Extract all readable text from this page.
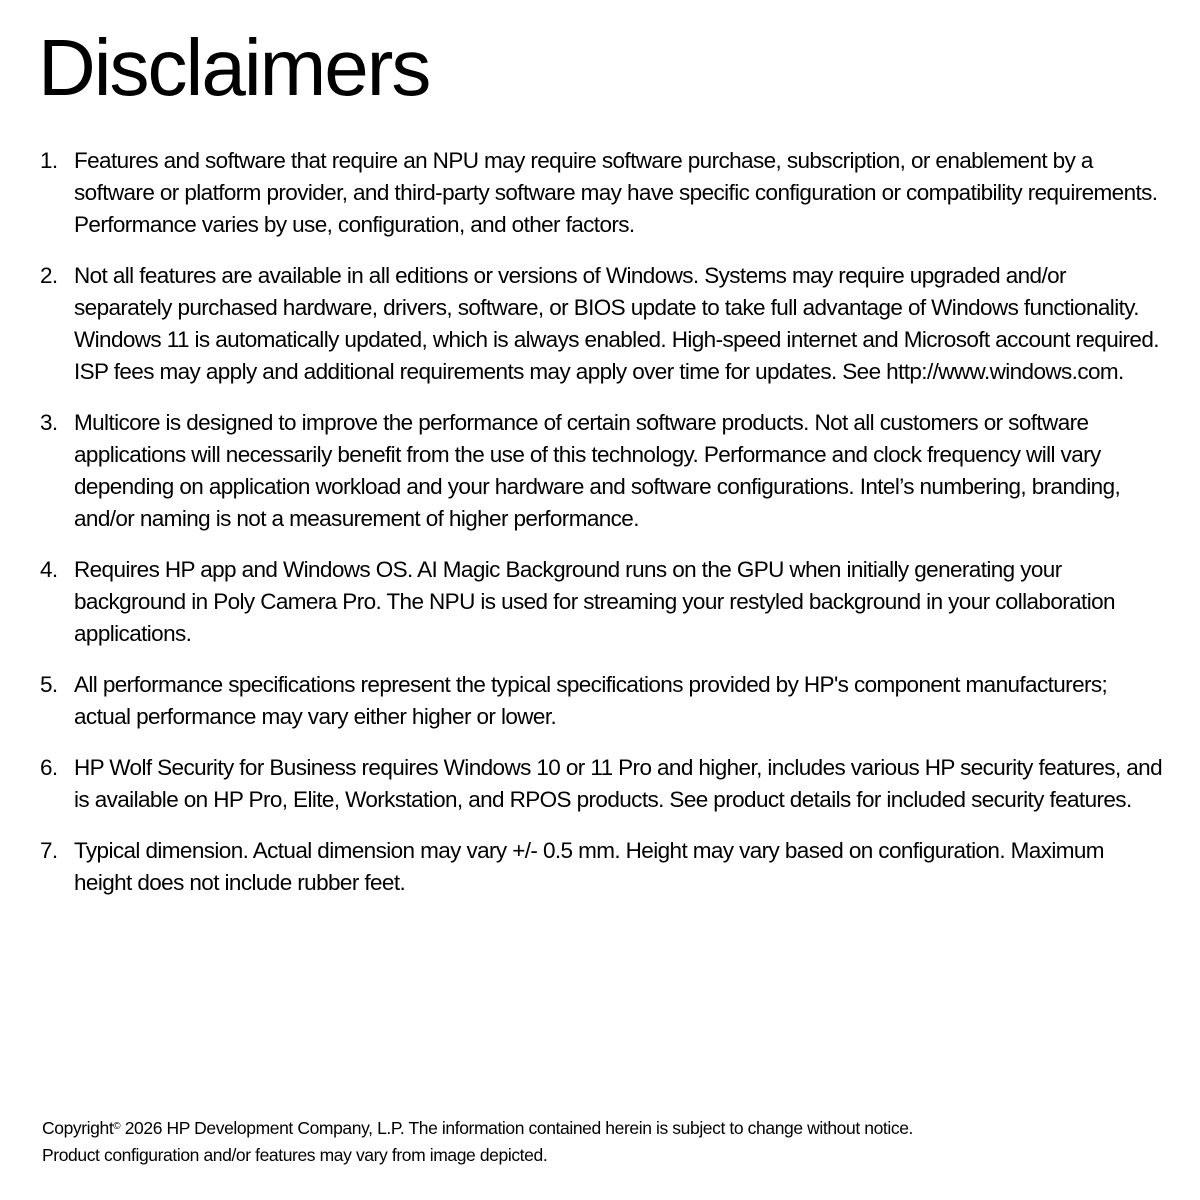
Disclaimers
1. Features and software that require an NPU may require software purchase, subscription, or enablement by a software or platform provider, and third-party software may have specific configuration or compatibility requirements. Performance varies by use, configuration, and other factors.
2. Not all features are available in all editions or versions of Windows. Systems may require upgraded and/or separately purchased hardware, drivers, software, or BIOS update to take full advantage of Windows functionality. Windows 11 is automatically updated, which is always enabled. High-speed internet and Microsoft account required. ISP fees may apply and additional requirements may apply over time for updates. See http://www.windows.com.
3. Multicore is designed to improve the performance of certain software products. Not all customers or software applications will necessarily benefit from the use of this technology. Performance and clock frequency will vary depending on application workload and your hardware and software configurations. Intel’s numbering, branding, and/or naming is not a measurement of higher performance.
4. Requires HP app and Windows OS. AI Magic Background runs on the GPU when initially generating your background in Poly Camera Pro. The NPU is used for streaming your restyled background in your collaboration applications.
5. All performance specifications represent the typical specifications provided by HP's component manufacturers; actual performance may vary either higher or lower.
6. HP Wolf Security for Business requires Windows 10 or 11 Pro and higher, includes various HP security features, and is available on HP Pro, Elite, Workstation, and RPOS products. See product details for included security features.
7. Typical dimension. Actual dimension may vary +/- 0.5 mm. Height may vary based on configuration. Maximum height does not include rubber feet.

Copyright© 2026 HP Development Company, L.P. The information contained herein is subject to change without notice.
Product configuration and/or features may vary from image depicted.
